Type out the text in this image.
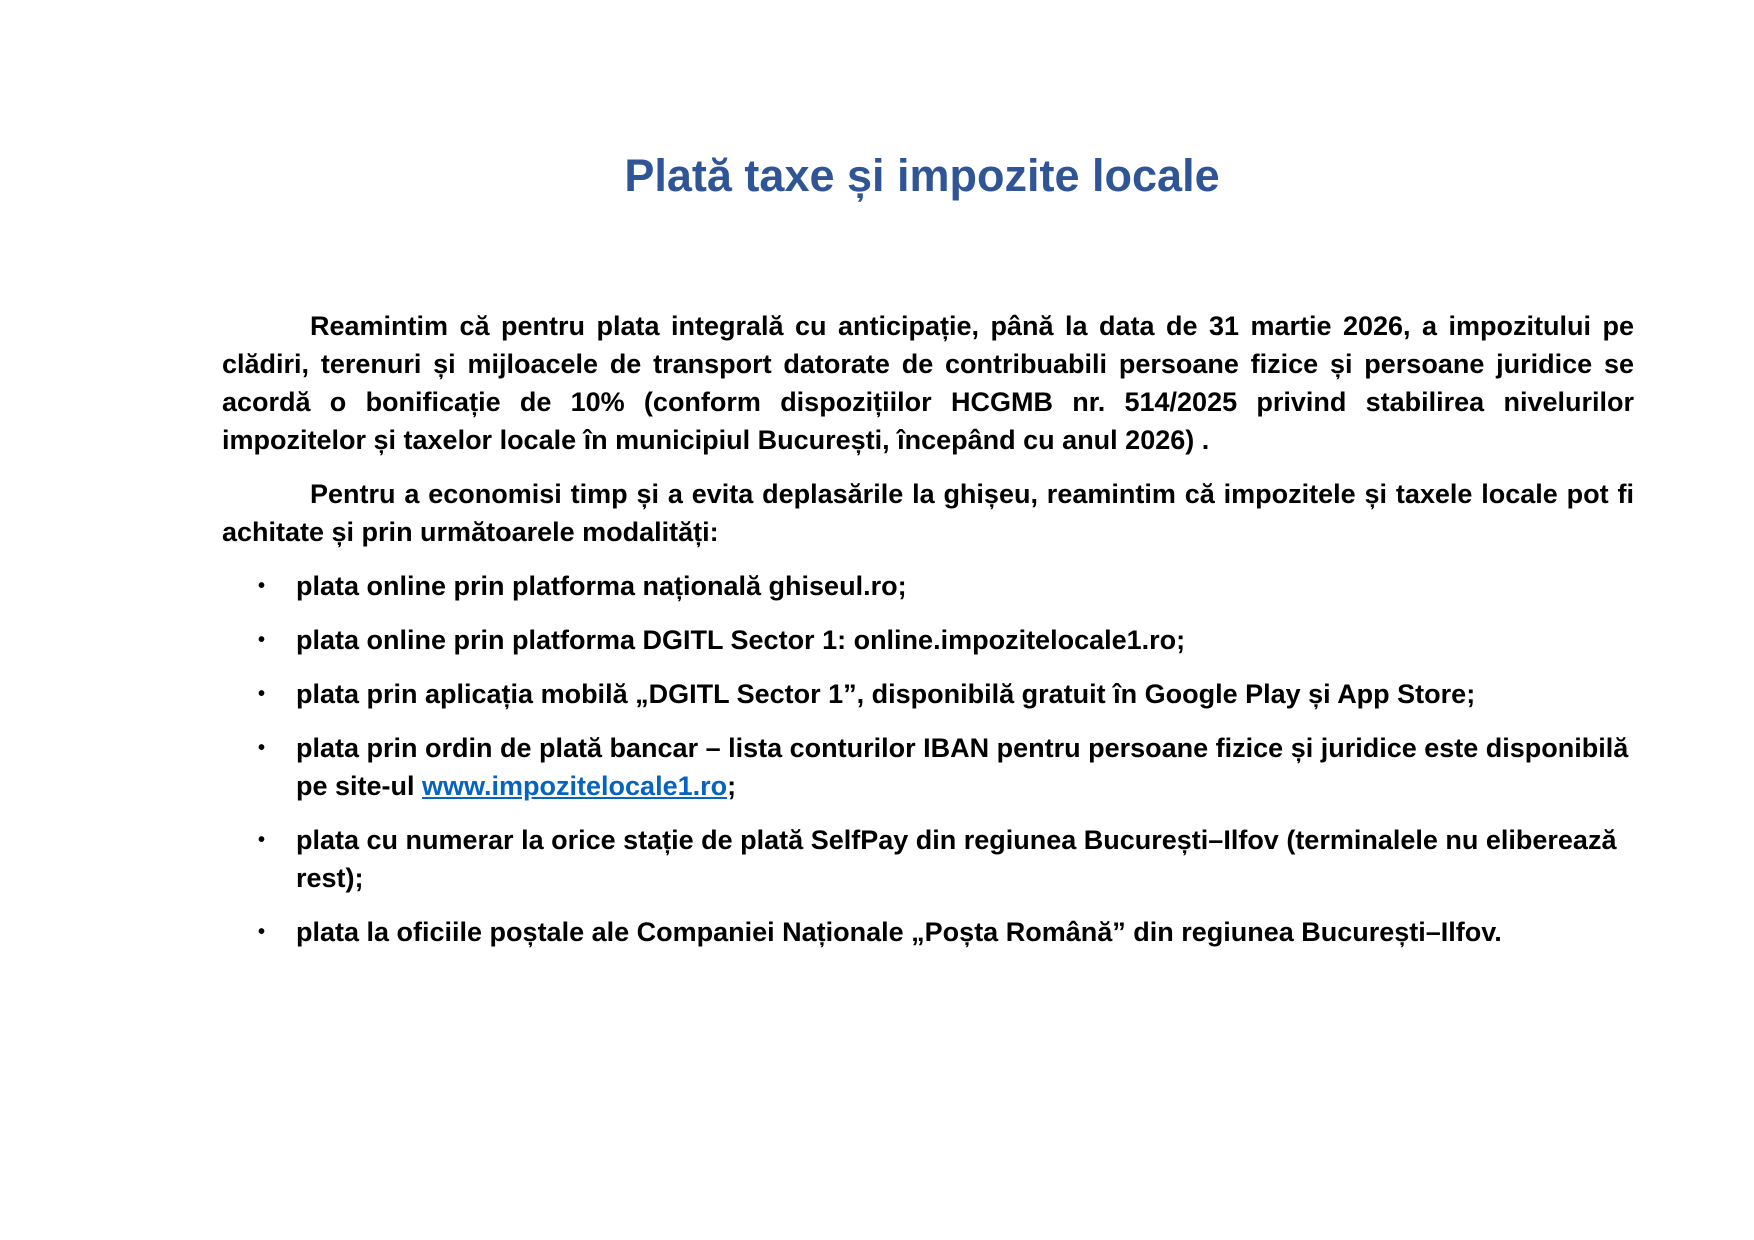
Plată taxe și impozite locale

Reamintim că pentru plata integrală cu anticipație, până la data de 31 martie 2026, a impozitului pe clădiri, terenuri și mijloacele de transport datorate de contribuabili persoane fizice și persoane juridice se acordă o bonificație de 10% (conform dispozițiilor HCGMB nr. 514/2025 privind stabilirea nivelurilor impozitelor și taxelor locale în municipiul București, începând cu anul 2026) .

Pentru a economisi timp și a evita deplasările la ghișeu, reamintim că impozitele și taxele locale pot fi achitate și prin următoarele modalități:

• plata online prin platforma națională ghiseul.ro;
• plata online prin platforma DGITL Sector 1: online.impozitelocale1.ro;
• plata prin aplicația mobilă „DGITL Sector 1”, disponibilă gratuit în Google Play și App Store;
• plata prin ordin de plată bancar – lista conturilor IBAN pentru persoane fizice și juridice este disponibilă pe site-ul www.impozitelocale1.ro;
• plata cu numerar la orice stație de plată SelfPay din regiunea București–Ilfov (terminalele nu eliberează rest);
• plata la oficiile poștale ale Companiei Naționale „Poșta Română” din regiunea București–Ilfov.
